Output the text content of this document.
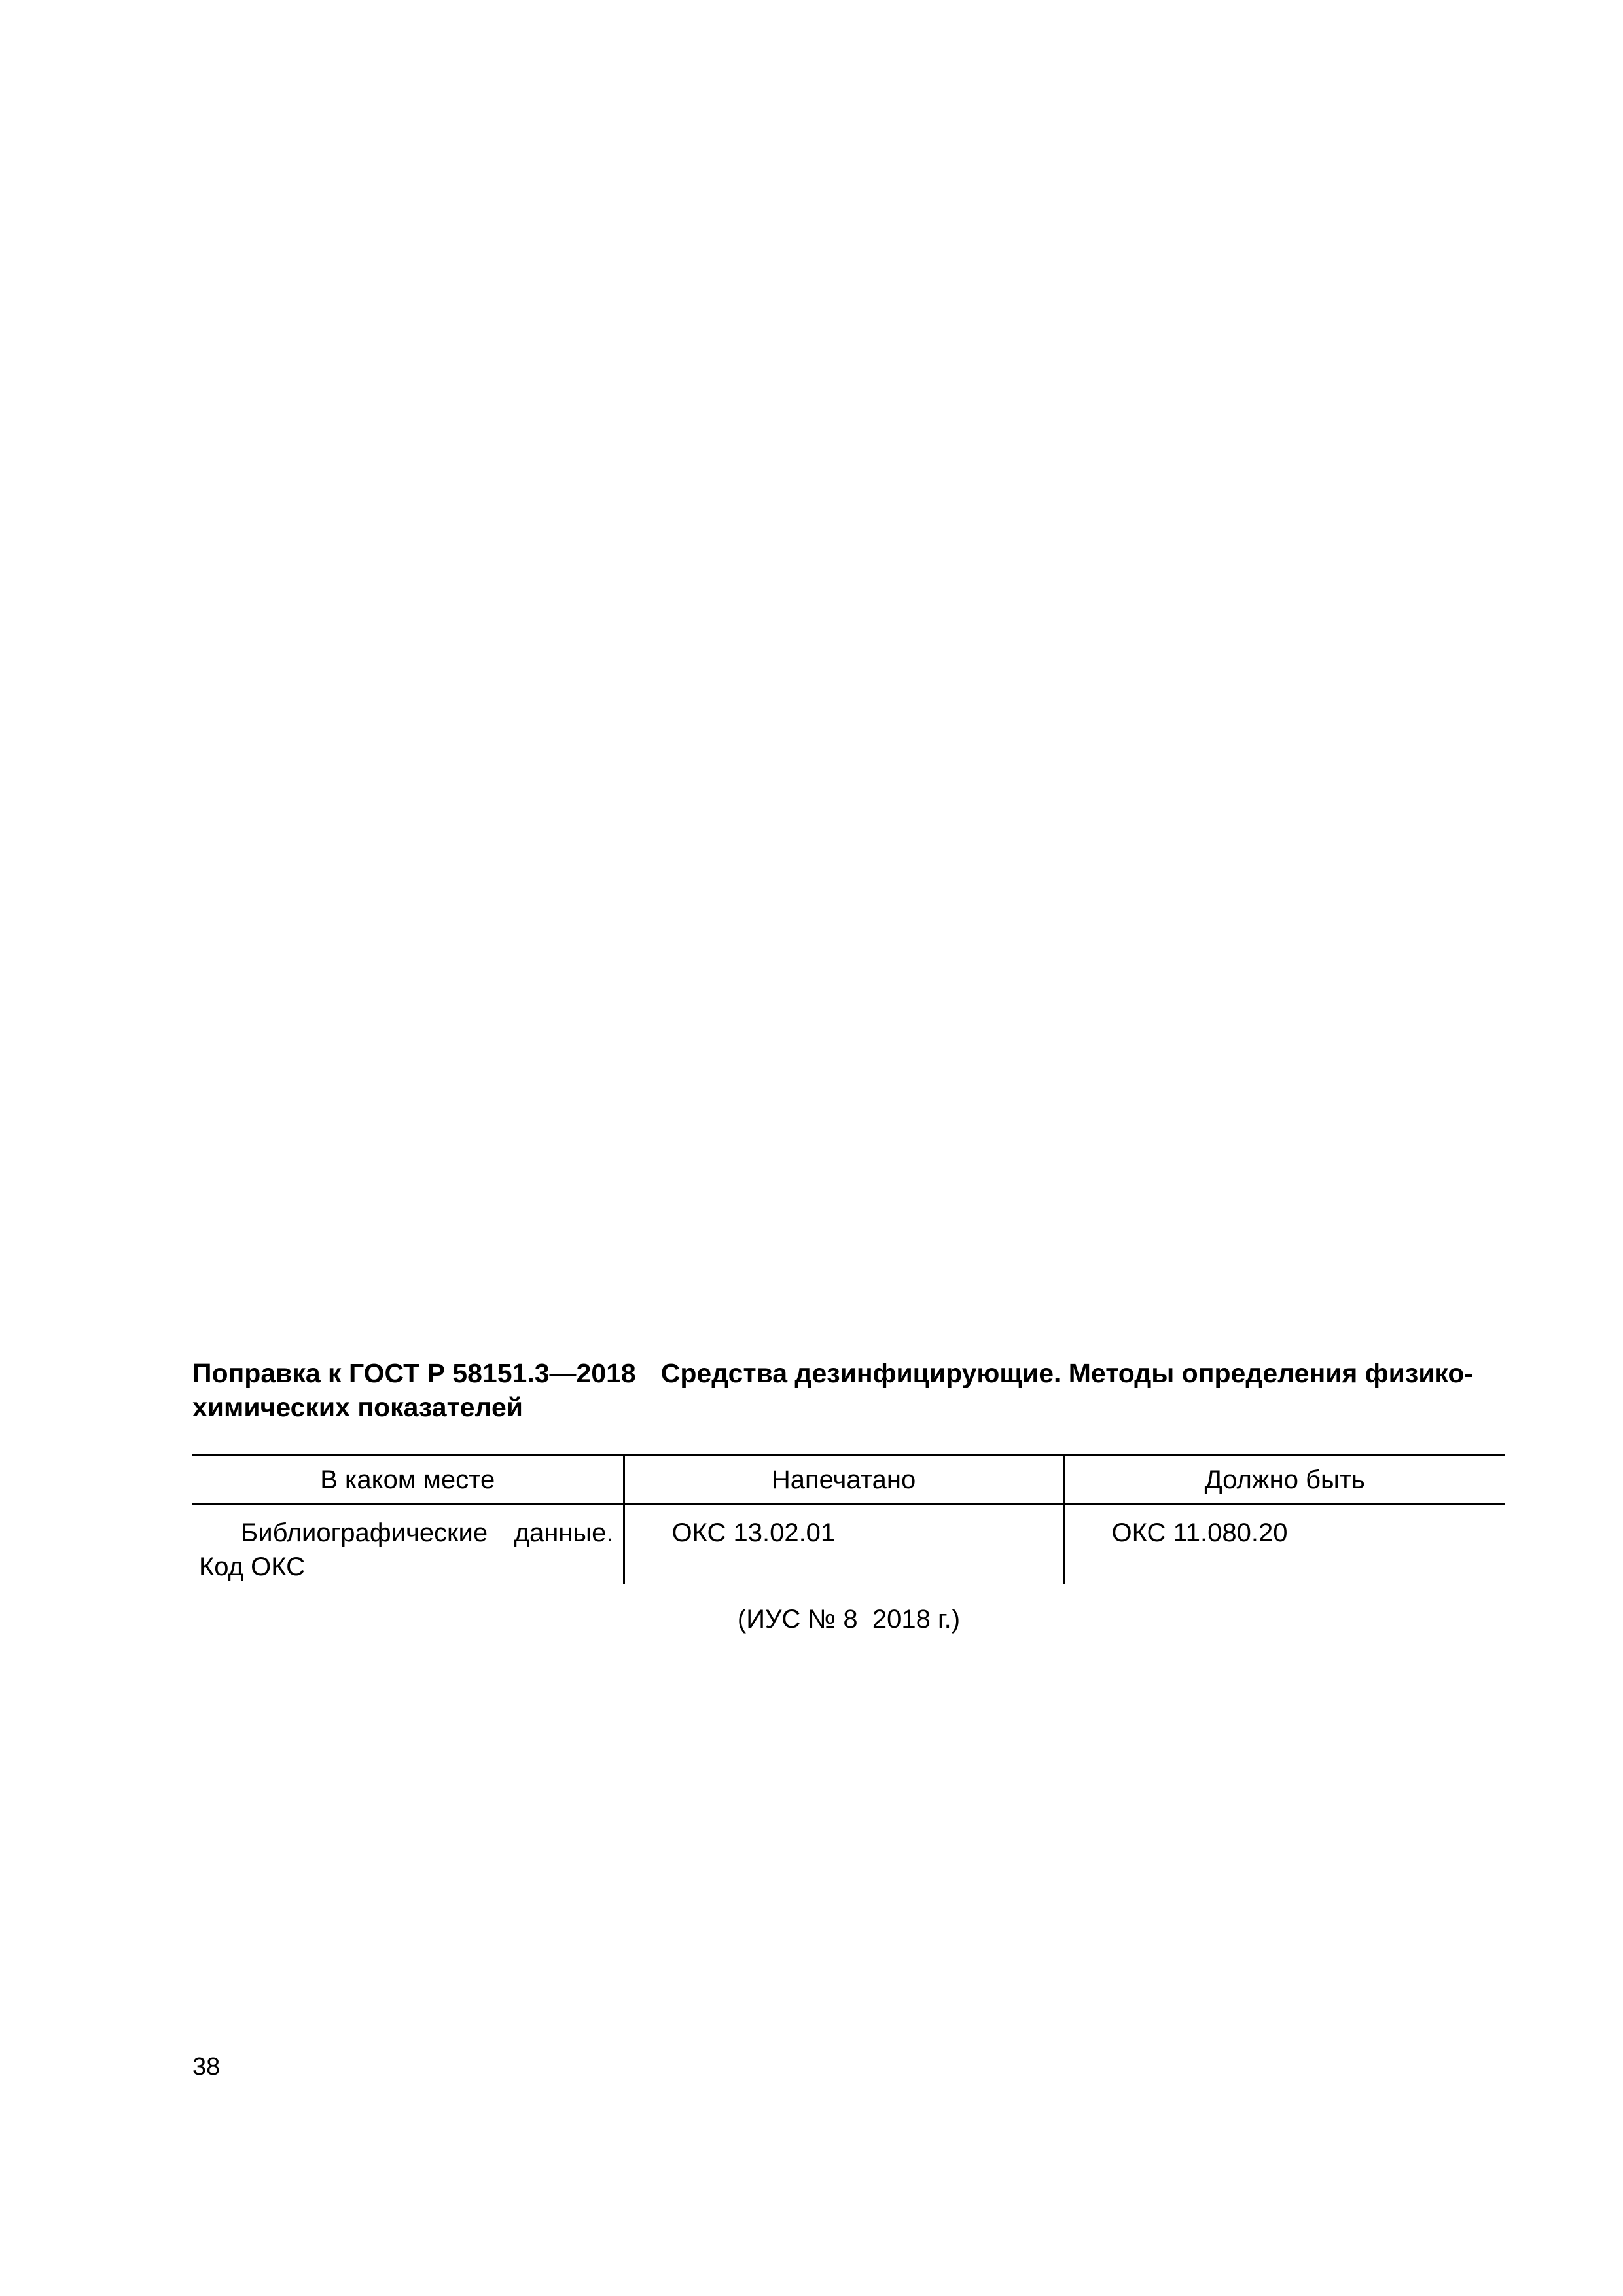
Поправка к ГОСТ Р 58151.3—2018 Средства дезинфицирующие. Методы определения физико-химических показателей
В каком месте	Напечатано	Должно быть
Библиографические данные. Код ОКС	ОКС 13.02.01	ОКС 11.080.20
(ИУС № 8  2018 г.)
38
